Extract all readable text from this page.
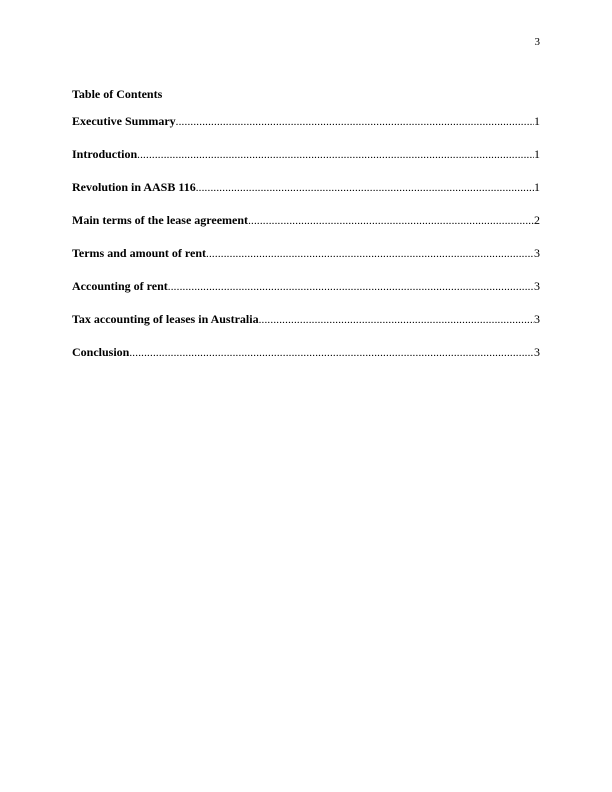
3
Table of Contents
Executive Summary .....	1
Introduction .....	1
Revolution in AASB 116 .....	1
Main terms of the lease agreement .....	2
Terms and amount of rent .....	3
Accounting of rent .....	3
Tax accounting of leases in Australia .....	3
Conclusion .....	3
